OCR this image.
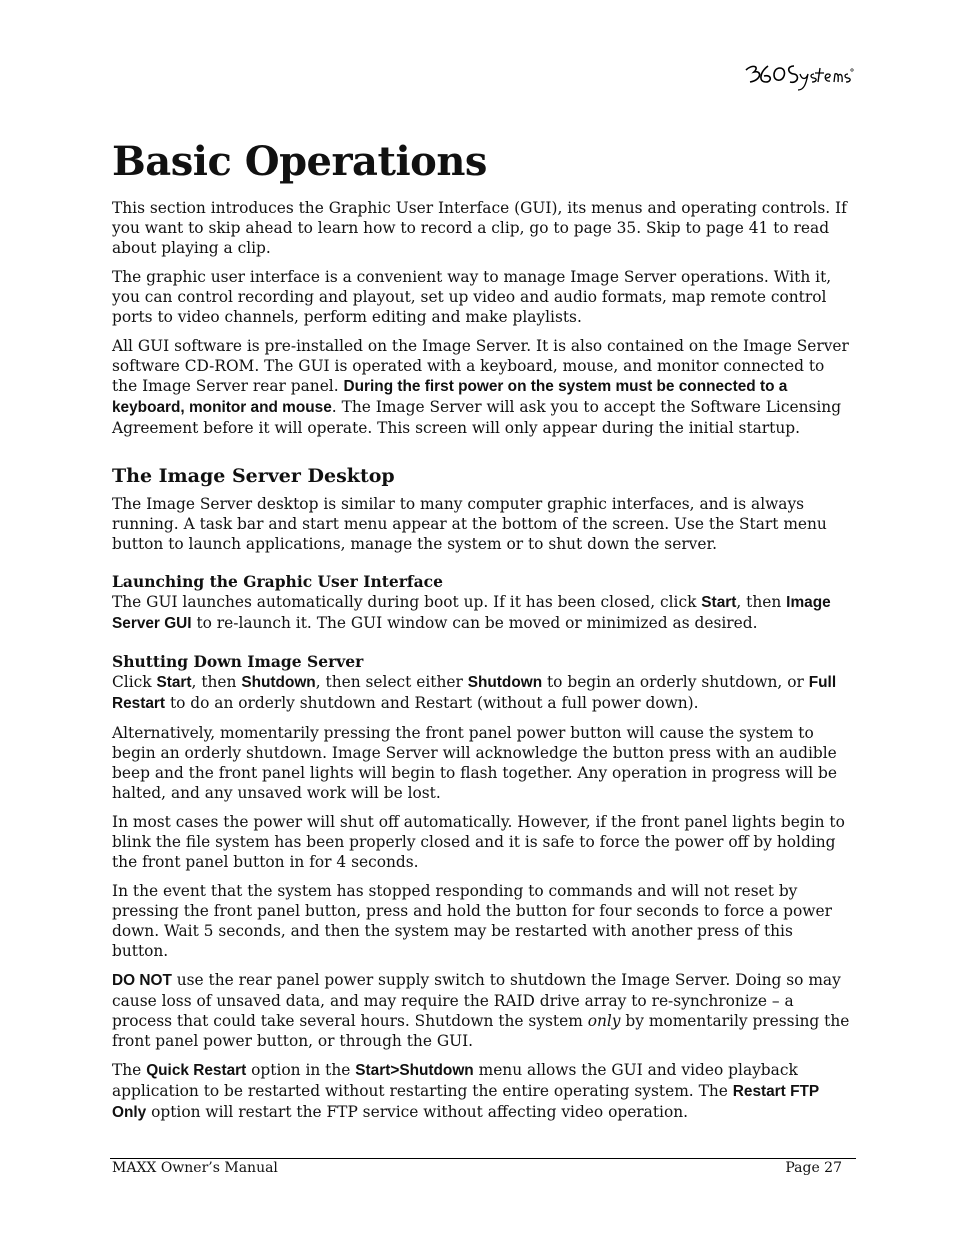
Basic Operations

This section introduces the Graphic User Interface (GUI), its menus and operating controls. If you want to skip ahead to learn how to record a clip, go to page 35. Skip to page 41 to read about playing a clip.

The graphic user interface is a convenient way to manage Image Server operations. With it, you can control recording and playout, set up video and audio formats, map remote control ports to video channels, perform editing and make playlists.

All GUI software is pre-installed on the Image Server. It is also contained on the Image Server software CD-ROM. The GUI is operated with a keyboard, mouse, and monitor connected to the Image Server rear panel. During the first power on the system must be connected to a keyboard, monitor and mouse. The Image Server will ask you to accept the Software Licensing Agreement before it will operate. This screen will only appear during the initial startup.

The Image Server Desktop

The Image Server desktop is similar to many computer graphic interfaces, and is always running. A task bar and start menu appear at the bottom of the screen. Use the Start menu button to launch applications, manage the system or to shut down the server.

Launching the Graphic User Interface

The GUI launches automatically during boot up. If it has been closed, click Start, then Image Server GUI to re-launch it. The GUI window can be moved or minimized as desired.

Shutting Down Image Server

Click Start, then Shutdown, then select either Shutdown to begin an orderly shutdown, or Full Restart to do an orderly shutdown and Restart (without a full power down).

Alternatively, momentarily pressing the front panel power button will cause the system to begin an orderly shutdown. Image Server will acknowledge the button press with an audible beep and the front panel lights will begin to flash together. Any operation in progress will be halted, and any unsaved work will be lost.

In most cases the power will shut off automatically. However, if the front panel lights begin to blink the file system has been properly closed and it is safe to force the power off by holding the front panel button in for 4 seconds.

In the event that the system has stopped responding to commands and will not reset by pressing the front panel button, press and hold the button for four seconds to force a power down. Wait 5 seconds, and then the system may be restarted with another press of this button.

DO NOT use the rear panel power supply switch to shutdown the Image Server. Doing so may cause loss of unsaved data, and may require the RAID drive array to re-synchronize – a process that could take several hours. Shutdown the system only by momentarily pressing the front panel power button, or through the GUI.

The Quick Restart option in the Start>Shutdown menu allows the GUI and video playback application to be restarted without restarting the entire operating system. The Restart FTP Only option will restart the FTP service without affecting video operation.

MAXX Owner’s Manual	Page 27
